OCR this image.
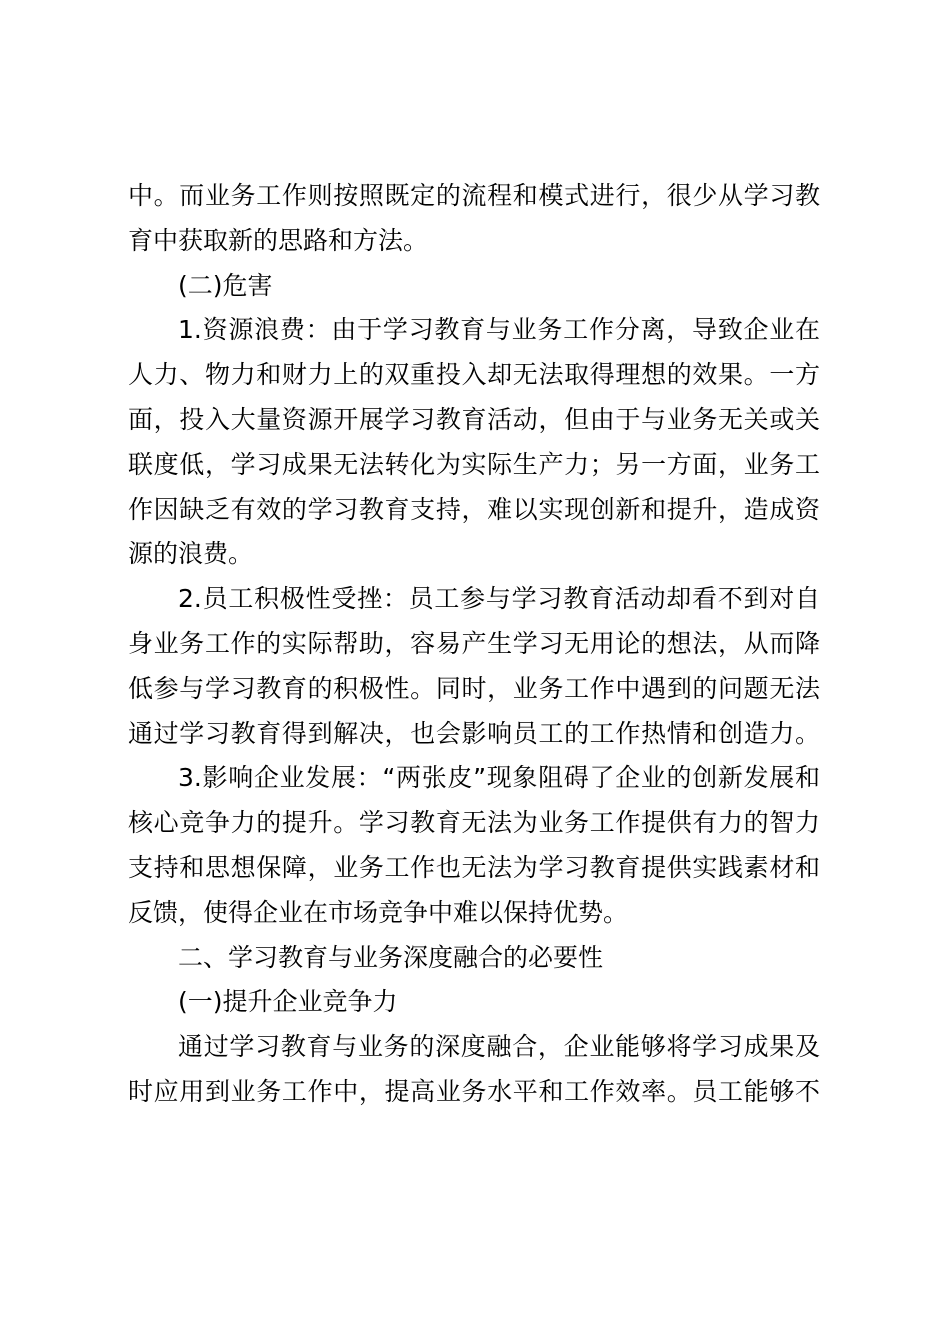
中。而业务工作则按照既定的流程和模式进行，很少从学习教
育中获取新的思路和方法。
(二)危害
1.资源浪费：由于学习教育与业务工作分离，导致企业在
人力、物力和财力上的双重投入却无法取得理想的效果。一方
面，投入大量资源开展学习教育活动，但由于与业务无关或关
联度低，学习成果无法转化为实际生产力；另一方面，业务工
作因缺乏有效的学习教育支持，难以实现创新和提升，造成资
源的浪费。
2.员工积极性受挫：员工参与学习教育活动却看不到对自
身业务工作的实际帮助，容易产生学习无用论的想法，从而降
低参与学习教育的积极性。同时，业务工作中遇到的问题无法
通过学习教育得到解决，也会影响员工的工作热情和创造力。
3.影响企业发展：“两张皮”现象阻碍了企业的创新发展和
核心竞争力的提升。学习教育无法为业务工作提供有力的智力
支持和思想保障，业务工作也无法为学习教育提供实践素材和
反馈，使得企业在市场竞争中难以保持优势。
二、学习教育与业务深度融合的必要性
(一)提升企业竞争力
通过学习教育与业务的深度融合，企业能够将学习成果及
时应用到业务工作中，提高业务水平和工作效率。员工能够不
